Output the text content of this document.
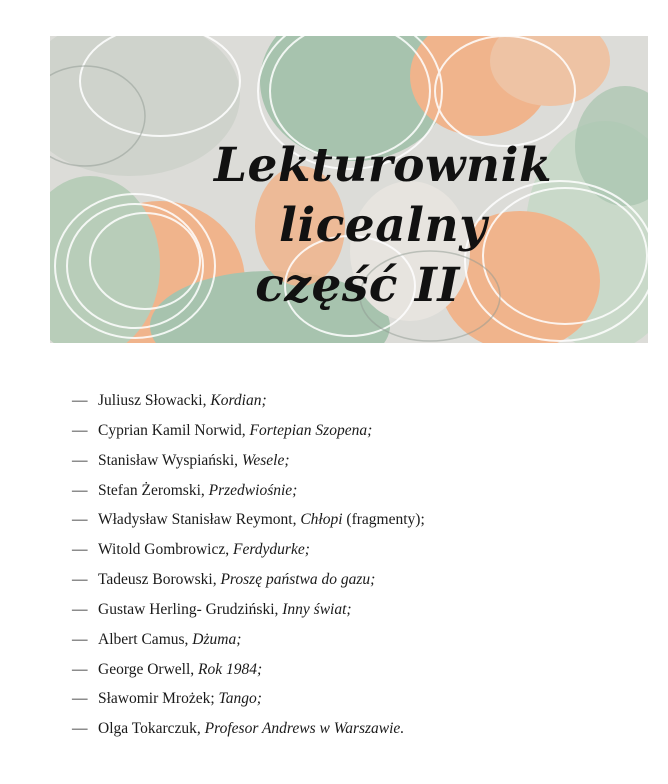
Lekturownik licealny
część II
— Juliusz Słowacki, Kordian;
— Cyprian Kamil Norwid, Fortepian Szopena;
— Stanisław Wyspiański, Wesele;
— Stefan Żeromski, Przedwiośnie;
— Władysław Stanisław Reymont, Chłopi (fragmenty);
— Witold Gombrowicz, Ferdydurke;
— Tadeusz Borowski, Proszę państwa do gazu;
— Gustaw Herling- Grudziński, Inny świat;
— Albert Camus, Dżuma;
— George Orwell, Rok 1984;
— Sławomir Mrożek; Tango;
— Olga Tokarczuk, Profesor Andrews w Warszawie.
